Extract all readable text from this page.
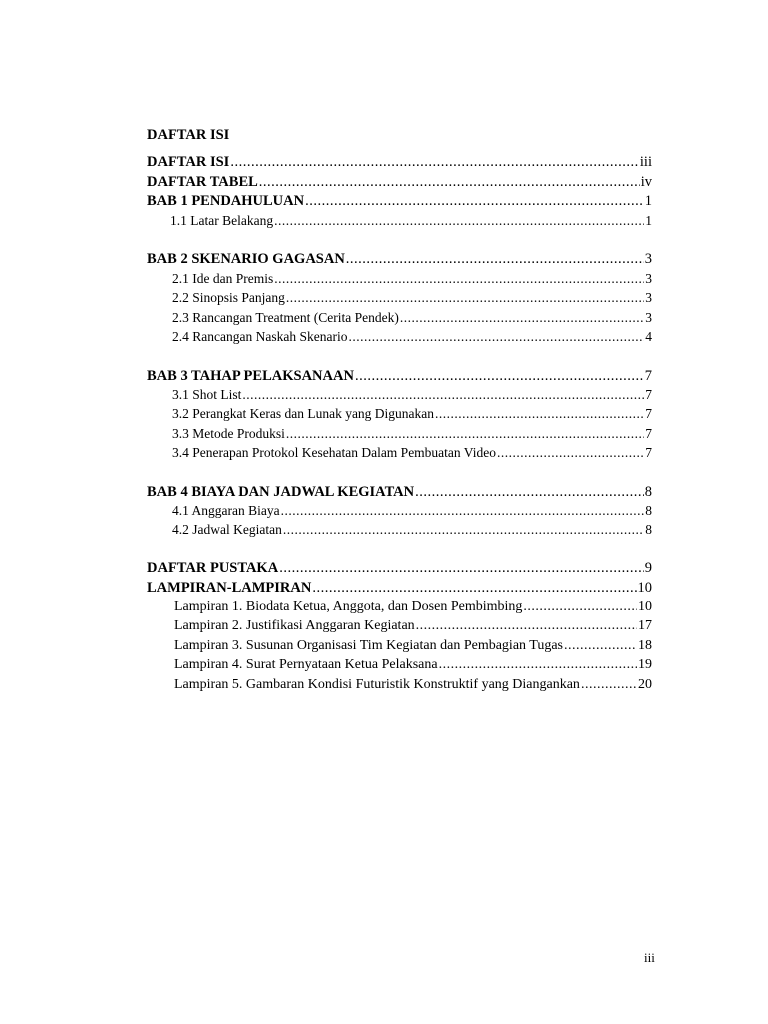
DAFTAR ISI
DAFTAR ISI .....	iii
DAFTAR TABEL .....	iv
BAB 1 PENDAHULUAN .....	1
1.1 Latar Belakang .....	1
BAB 2 SKENARIO GAGASAN .....	3
2.1 Ide dan Premis .....	3
2.2 Sinopsis Panjang .....	3
2.3 Rancangan Treatment (Cerita Pendek) .....	3
2.4 Rancangan Naskah Skenario .....	4
BAB 3 TAHAP PELAKSANAAN .....	7
3.1 Shot List .....	7
3.2 Perangkat Keras dan Lunak yang Digunakan .....	7
3.3 Metode Produksi .....	7
3.4 Penerapan Protokol Kesehatan Dalam Pembuatan Video .....	7
BAB 4 BIAYA DAN JADWAL KEGIATAN .....	8
4.1 Anggaran Biaya .....	8
4.2 Jadwal Kegiatan .....	8
DAFTAR PUSTAKA .....	9
LAMPIRAN-LAMPIRAN .....	10
Lampiran 1. Biodata Ketua, Anggota, dan Dosen Pembimbing .....	10
Lampiran 2. Justifikasi Anggaran Kegiatan .....	17
Lampiran 3. Susunan Organisasi Tim Kegiatan dan Pembagian Tugas .....	18
Lampiran 4. Surat Pernyataan Ketua Pelaksana .....	19
Lampiran 5. Gambaran Kondisi Futuristik Konstruktif yang Diangankan .....	20
iii
